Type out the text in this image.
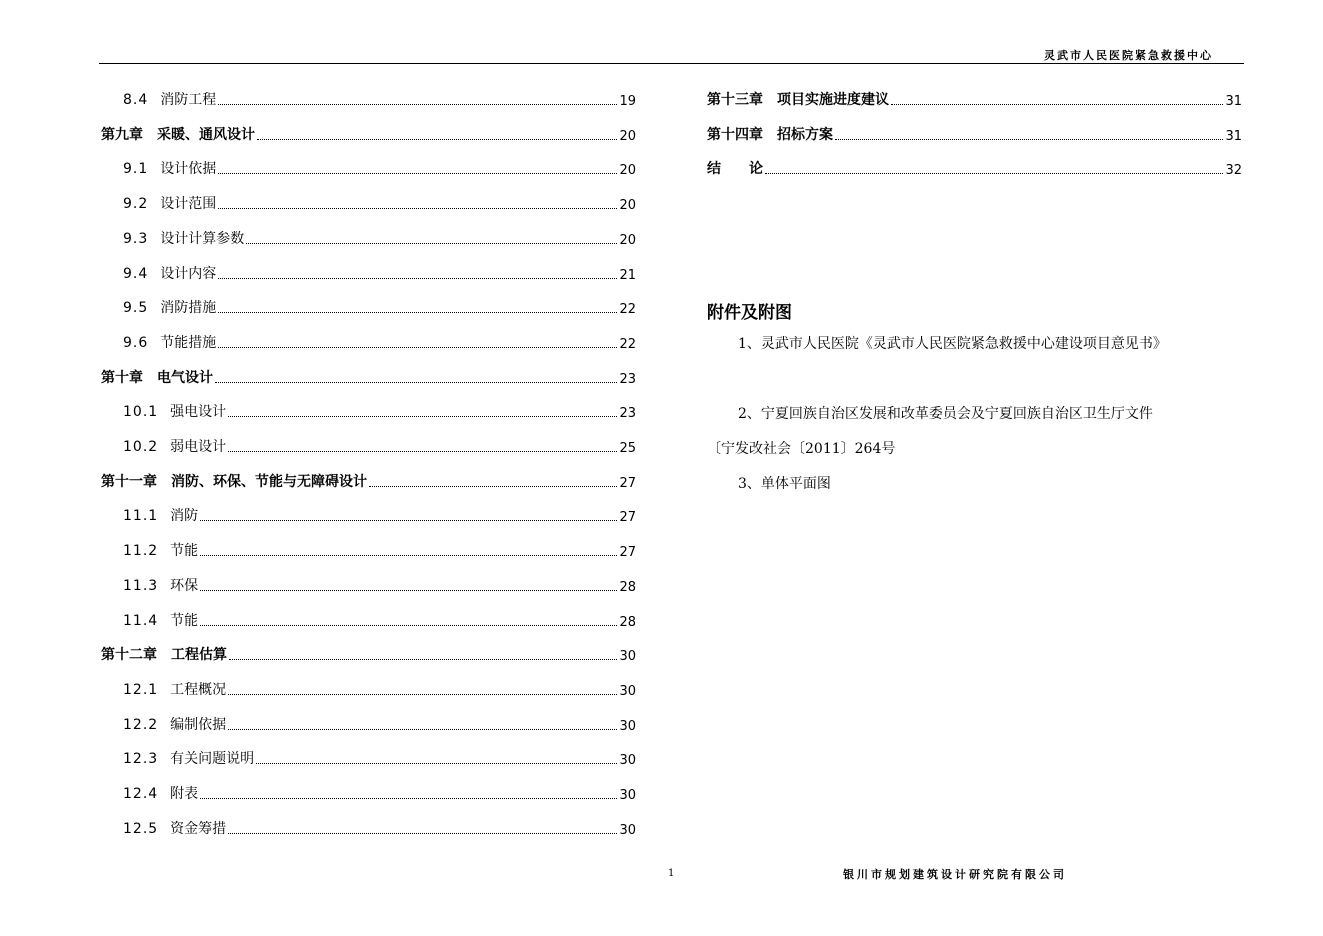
灵武市人民医院紧急救援中心
8.4 消防工程	19
第九章　采暖、通风设计	20
9.1 设计依据	20
9.2 设计范围	20
9.3 设计计算参数	20
9.4 设计内容	21
9.5 消防措施	22
9.6 节能措施	22
第十章　电气设计	23
10.1 强电设计	23
10.2 弱电设计	25
第十一章　消防、环保、节能与无障碍设计	27
11.1 消防	27
11.2 节能	27
11.3 环保	28
11.4 节能	28
第十二章　工程估算	30
12.1 工程概况	30
12.2 编制依据	30
12.3 有关问题说明	30
12.4 附表	30
12.5 资金筹措	30
第十三章　项目实施进度建议	31
第十四章　招标方案	31
结　　论	32
附件及附图
1、灵武市人民医院《灵武市人民医院紧急救援中心建设项目意见书》
2、宁夏回族自治区发展和改革委员会及宁夏回族自治区卫生厅文件
〔宁发改社会〔2011〕264号
3、单体平面图
1	银川市规划建筑设计研究院有限公司
